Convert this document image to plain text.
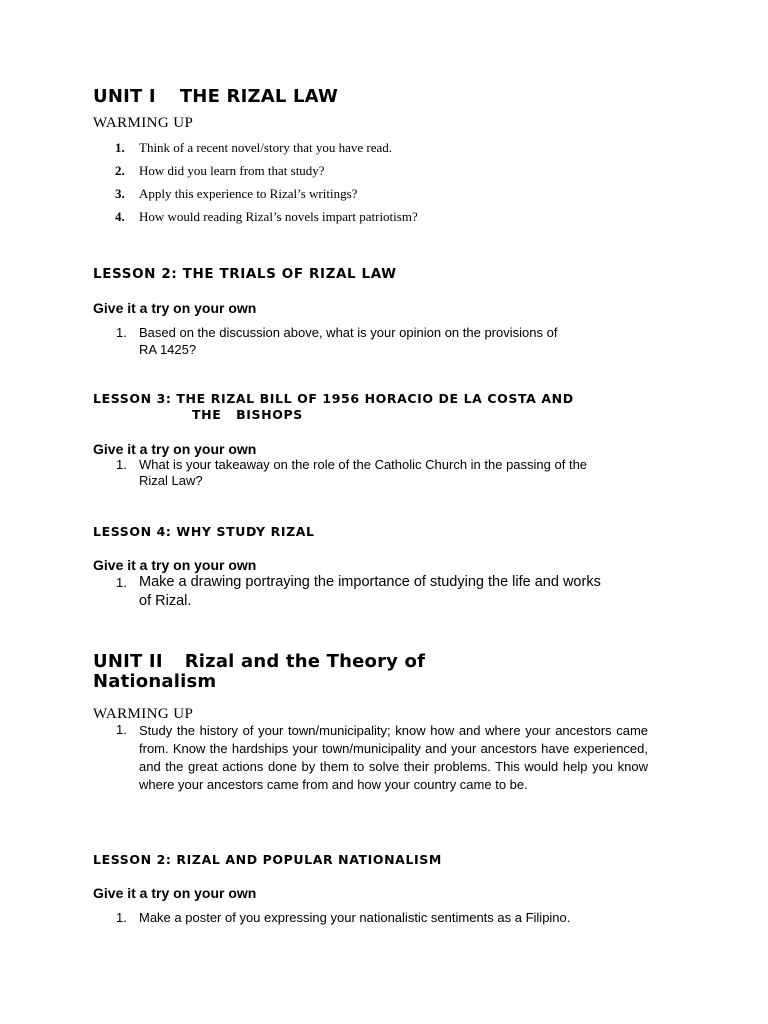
UNIT I THE RIZAL LAW
WARMING UP
1.	Think of a recent novel/story that you have read.
2.	How did you learn from that study?
3.	Apply this experience to Rizal’s writings?
4.	How would reading Rizal’s novels impart patriotism?
LESSON 2: THE TRIALS OF RIZAL LAW
Give it a try on your own
1. Based on the discussion above, what is your opinion on the provisions of
RA 1425?
LESSON 3: THE RIZAL BILL OF 1956 HORACIO DE LA COSTA AND
THE   BISHOPS
Give it a try on your own
1. What is your takeaway on the role of the Catholic Church in the passing of the
Rizal Law?
LESSON 4: WHY STUDY RIZAL
Give it a try on your own
1. Make a drawing portraying the importance of studying the life and works
of Rizal.
UNIT II Rizal and the Theory of
Nationalism
WARMING UP
1. Study the history of your town/municipality; know how and where your ancestors came from. Know the hardships your town/municipality and your ancestors have experienced, and the great actions done by them to solve their problems. This would help you know where your ancestors came from and how your country came to be.
LESSON 2: RIZAL AND POPULAR NATIONALISM
Give it a try on your own
1. Make a poster of you expressing your nationalistic sentiments as a Filipino.
